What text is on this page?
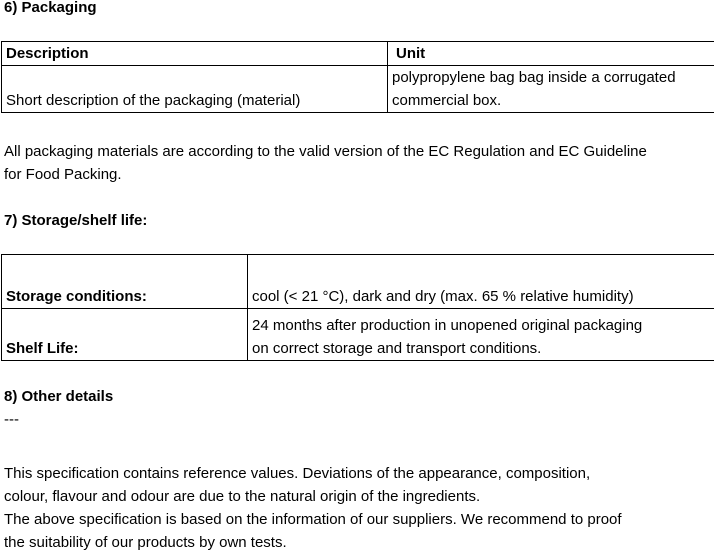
6) Packaging
Description	Unit
Short description of the packaging (material)	polypropylene bag bag inside a corrugated
commercial box.
All packaging materials are according to the valid version of the EC Regulation and EC Guideline
for Food Packing.
7) Storage/shelf life:
Storage conditions:	cool (< 21 °C), dark and dry (max. 65 % relative humidity)
Shelf Life:	24 months after production in unopened original packaging
on correct storage and transport conditions.
8) Other details
---
This specification contains reference values. Deviations of the appearance, composition,
colour, flavour and odour are due to the natural origin of the ingredients.
The above specification is based on the information of our suppliers. We recommend to proof
the suitability of our products by own tests.
